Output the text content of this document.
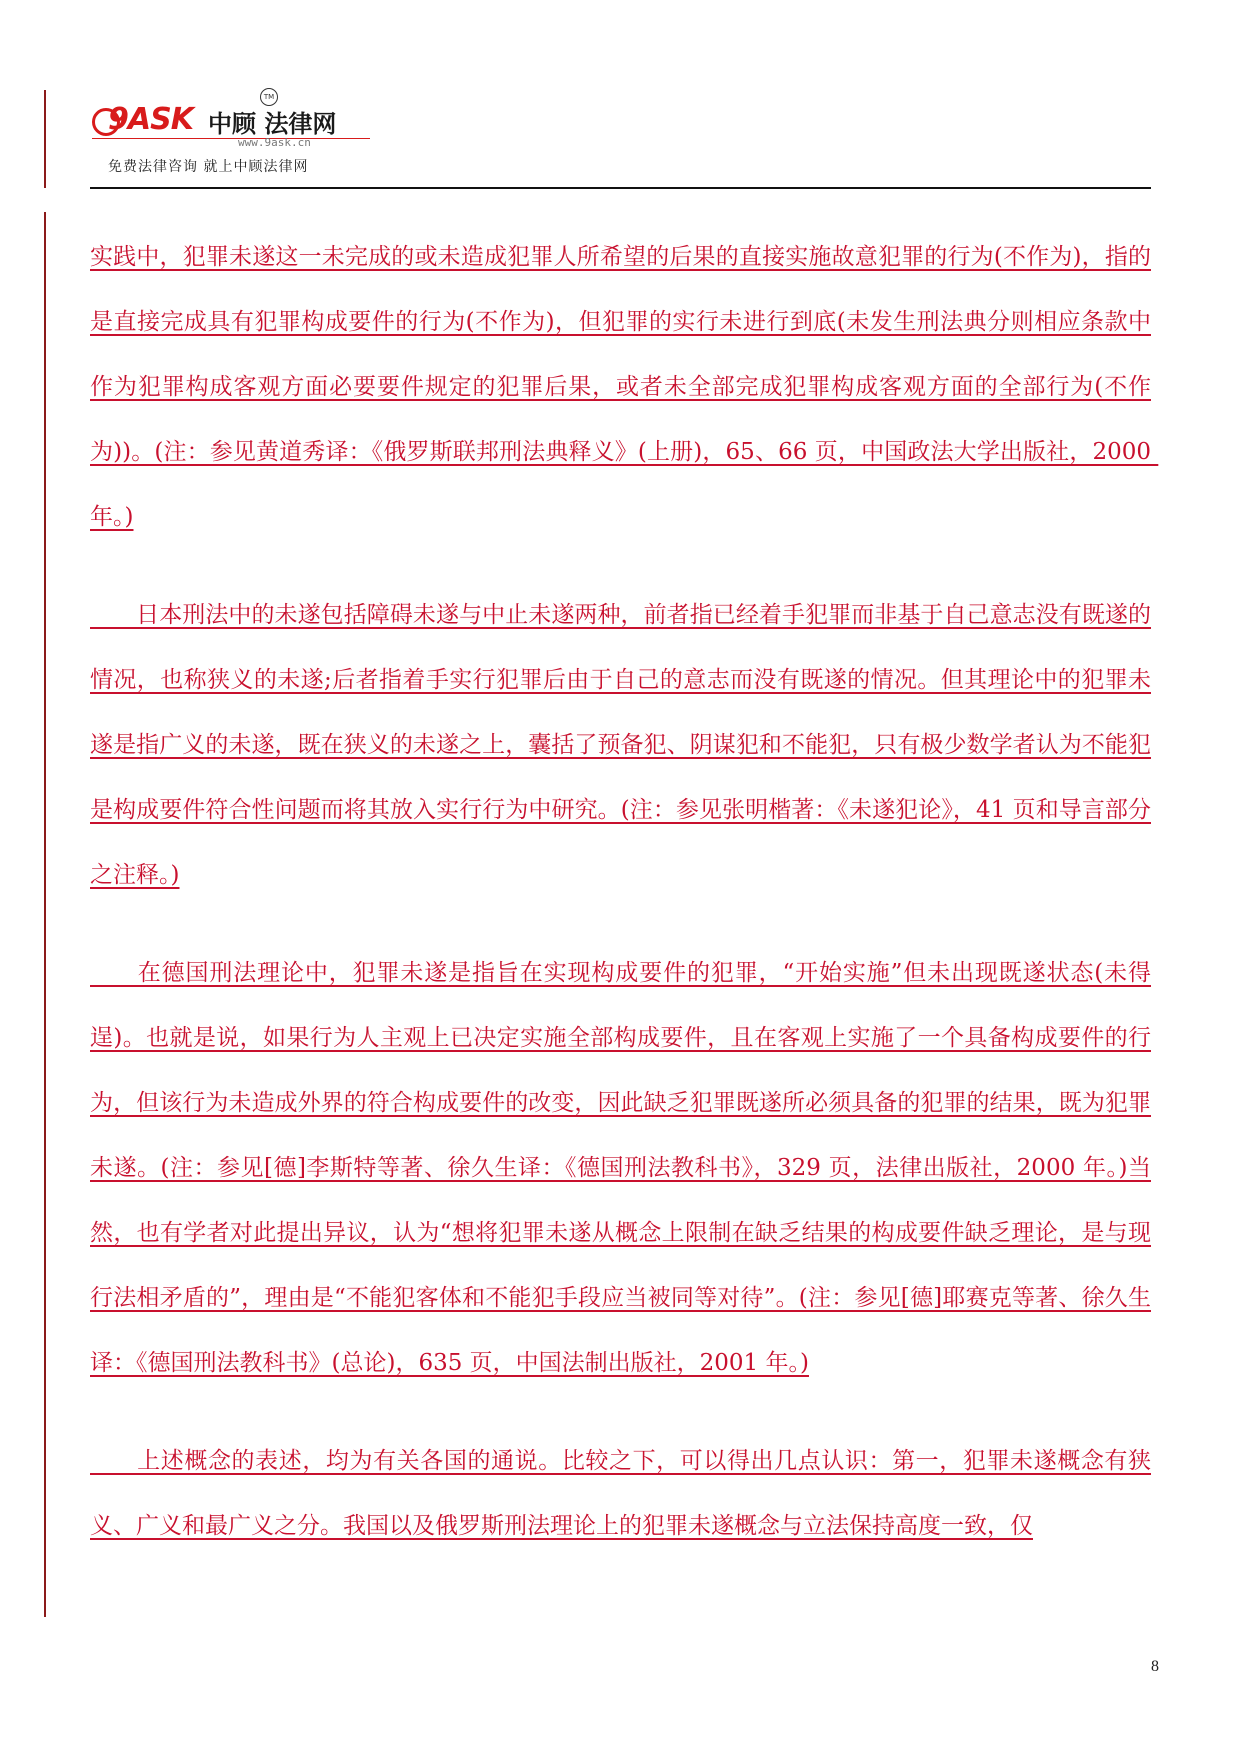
9ASK 中顾 法律网
TM
www.9ask.cn
免费法律咨询 就上中顾法律网

实践中，犯罪未遂这一未完成的或未造成犯罪人所希望的后果的直接实施故意犯罪的行为(不作为)，指的是直接完成具有犯罪构成要件的行为(不作为)，但犯罪的实行未进行到底(未发生刑法典分则相应条款中作为犯罪构成客观方面必要要件规定的犯罪后果，或者未全部完成犯罪构成客观方面的全部行为(不作为))。(注：参见黄道秀译：《俄罗斯联邦刑法典释义》(上册)，65、66 页，中国政法大学出版社，2000 年。)

　　日本刑法中的未遂包括障碍未遂与中止未遂两种，前者指已经着手犯罪而非基于自己意志没有既遂的情况，也称狭义的未遂;后者指着手实行犯罪后由于自己的意志而没有既遂的情况。但其理论中的犯罪未遂是指广义的未遂，既在狭义的未遂之上，囊括了预备犯、阴谋犯和不能犯，只有极少数学者认为不能犯是构成要件符合性问题而将其放入实行行为中研究。(注：参见张明楷著：《未遂犯论》，41 页和导言部分之注释。)

　　在德国刑法理论中，犯罪未遂是指旨在实现构成要件的犯罪，“开始实施”但未出现既遂状态(未得逞)。也就是说，如果行为人主观上已决定实施全部构成要件，且在客观上实施了一个具备构成要件的行为，但该行为未造成外界的符合构成要件的改变，因此缺乏犯罪既遂所必须具备的犯罪的结果，既为犯罪未遂。(注：参见[德]李斯特等著、徐久生译：《德国刑法教科书》，329 页，法律出版社，2000 年。)当然，也有学者对此提出异议，认为“想将犯罪未遂从概念上限制在缺乏结果的构成要件缺乏理论，是与现行法相矛盾的”，理由是“不能犯客体和不能犯手段应当被同等对待”。(注：参见[德]耶赛克等著、徐久生译：《德国刑法教科书》(总论)，635 页，中国法制出版社，2001 年。)

　　上述概念的表述，均为有关各国的通说。比较之下，可以得出几点认识：第一，犯罪未遂概念有狭义、广义和最广义之分。我国以及俄罗斯刑法理论上的犯罪未遂概念与立法保持高度一致，仅

8
